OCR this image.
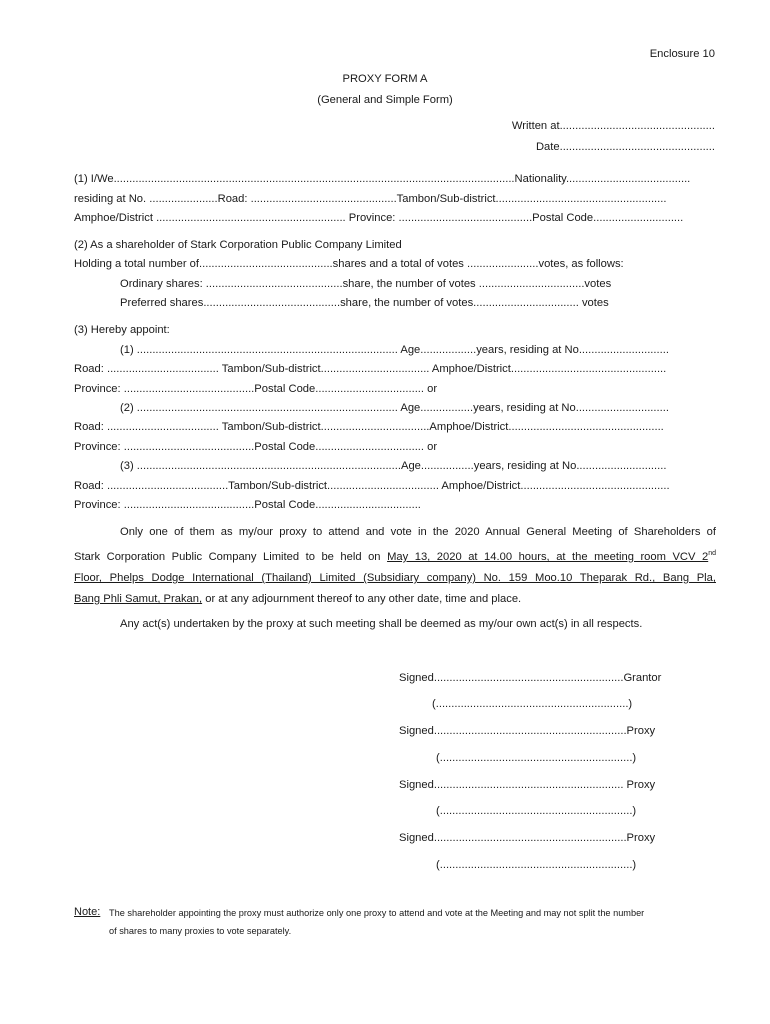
Enclosure 10
PROXY FORM A
(General and Simple Form)
Written at..................................................
Date..................................................
(1) I/We.................................................................................................................................Nationality........................................
residing at No. ......................Road: ...............................................Tambon/Sub-district.......................................................
Amphoe/District ............................................................. Province: ...........................................Postal Code.............................
(2) As a shareholder of Stark Corporation Public Company Limited
Holding a total number of...........................................shares and a total of votes .......................votes, as follows:
Ordinary shares: ............................................share, the number of votes ..................................votes
Preferred shares............................................share, the number of votes.................................. votes
(3) Hereby appoint:
(1) .................................................................................... Age..................years, residing at No.............................
Road: .................................... Tambon/Sub-district................................... Amphoe/District..................................................
Province: ..........................................Postal Code................................... or
(2) .................................................................................... Age.................years, residing at No..............................
Road: .................................... Tambon/Sub-district...................................Amphoe/District..................................................
Province: ..........................................Postal Code................................... or
(3) .....................................................................................Age.................years, residing at No.............................
Road: .......................................Tambon/Sub-district.................................... Amphoe/District................................................
Province: ..........................................Postal Code..................................
Only one of them as my/our proxy to attend and vote in the 2020 Annual General Meeting of Shareholders of
Stark Corporation Public Company Limited to be held on May 13, 2020 at 14.00 hours, at the meeting room VCV 2nd
Floor, Phelps Dodge International (Thailand) Limited (Subsidiary company) No. 159 Moo.10 Theparak Rd., Bang Pla,
Bang Phli Samut, Prakan, or at any adjournment thereof to any other date, time and place.
Any act(s) undertaken by the proxy at such meeting shall be deemed as my/our own act(s) in all respects.
Signed.............................................................Grantor
(..............................................................)
Signed..............................................................Proxy
(..............................................................)
Signed............................................................. Proxy
(..............................................................)
Signed..............................................................Proxy
(..............................................................)
Note: The shareholder appointing the proxy must authorize only one proxy to attend and vote at the Meeting and may not split the number
of shares to many proxies to vote separately.
